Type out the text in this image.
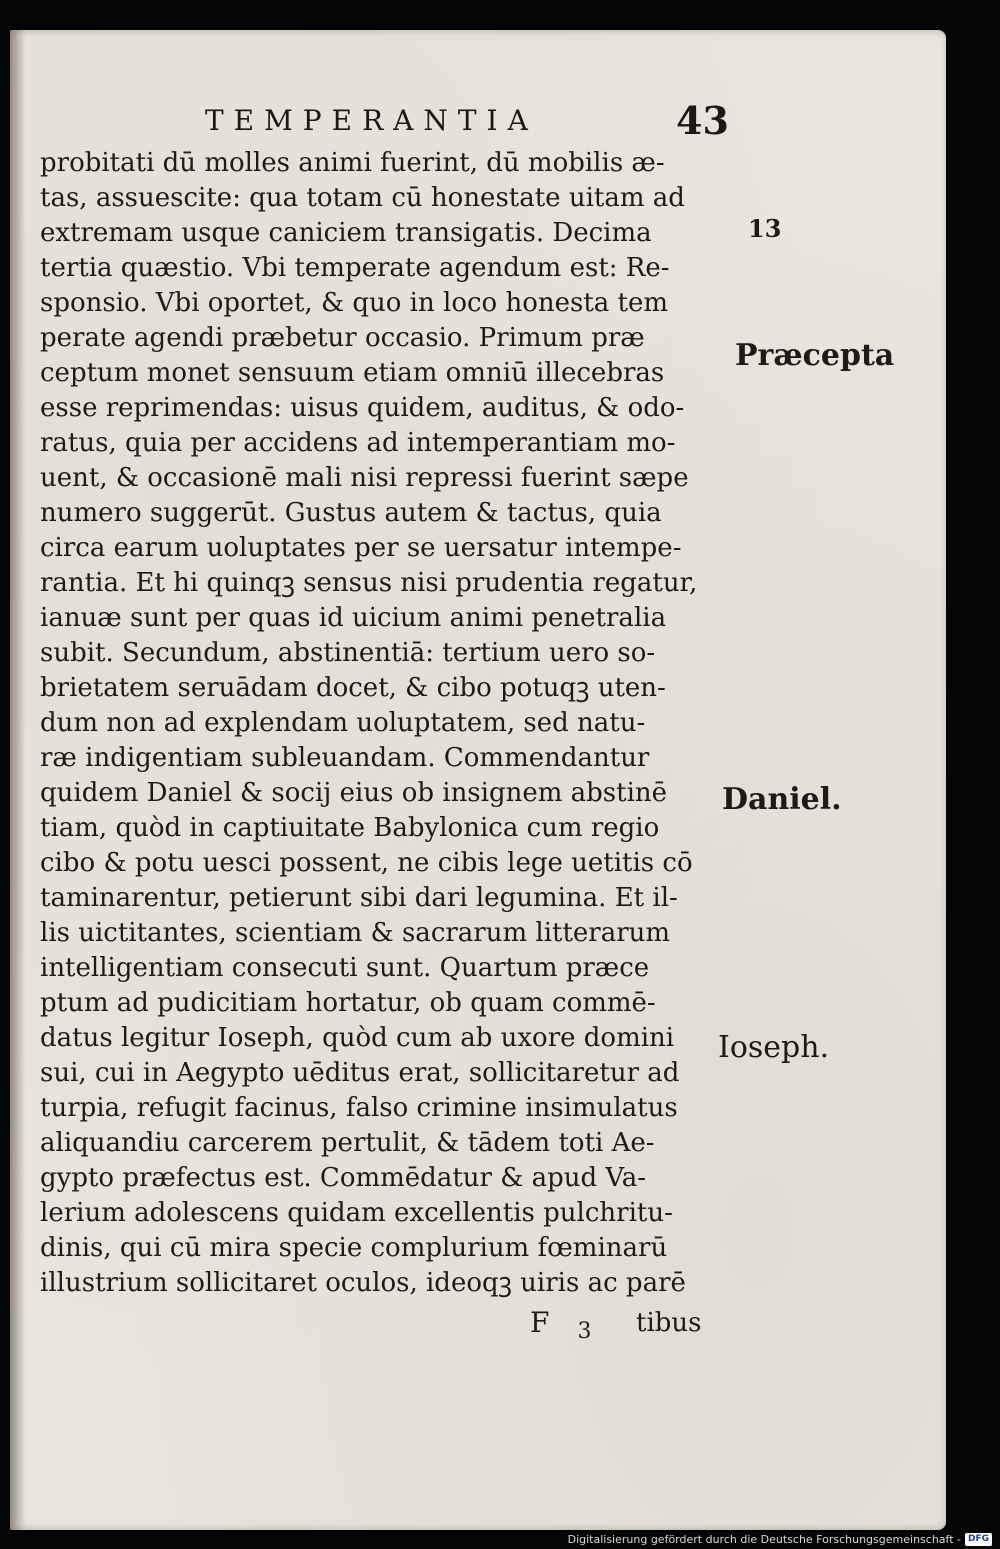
TEMPERANTIA	43
probitati dū molles animi fuerint, dū mobilis æ-
tas, assuescite: qua totam cū honestate uitam ad
extremam usque caniciem transigatis. Decima
tertia quæstio. Vbi temperate agendum est: Re-
sponsio. Vbi oportet, & quo in loco honesta tem
perate agendi præbetur occasio. Primum præ
ceptum monet sensuum etiam omniū illecebras
esse reprimendas: uisus quidem, auditus, & odo-
ratus, quia per accidens ad intemperantiam mo-
uent, & occasionē mali nisi repressi fuerint sæpe
numero suggerūt. Gustus autem & tactus, quia
circa earum uoluptates per se uersatur intempe-
rantia. Et hi quinqꝫ sensus nisi prudentia regatur,
ianuæ sunt per quas id uicium animi penetralia
subit. Secundum, abstinentiā: tertium uero so-
brietatem seruādam docet, & cibo potuqꝫ uten-
dum non ad explendam uoluptatem, sed natu-
ræ indigentiam subleuandam. Commendantur
quidem Daniel & socij eius ob insignem abstinē
tiam, quòd in captiuitate Babylonica cum regio
cibo & potu uesci possent, ne cibis lege uetitis cō
taminarentur, petierunt sibi dari legumina. Et il-
lis uictitantes, scientiam & sacrarum litterarum
intelligentiam consecuti sunt. Quartum præce
ptum ad pudicitiam hortatur, ob quam commē-
datus legitur Ioseph, quòd cum ab uxore domini
sui, cui in Aegypto uēditus erat, sollicitaretur ad
turpia, refugit facinus, falso crimine insimulatus
aliquandiu carcerem pertulit, & tādem toti Ae-
gypto præfectus est. Commēdatur & apud Va-
lerium adolescens quidam excellentis pulchritu-
dinis, qui cū mira specie complurium fœminarū
illustrium sollicitaret oculos, ideoqꝫ uiris ac parē
13
Præcepta
Daniel.
Ioseph.
F $_3$ tibus
Digitalisierung gefördert durch die Deutsche Forschungsgemeinschaft - DFG
